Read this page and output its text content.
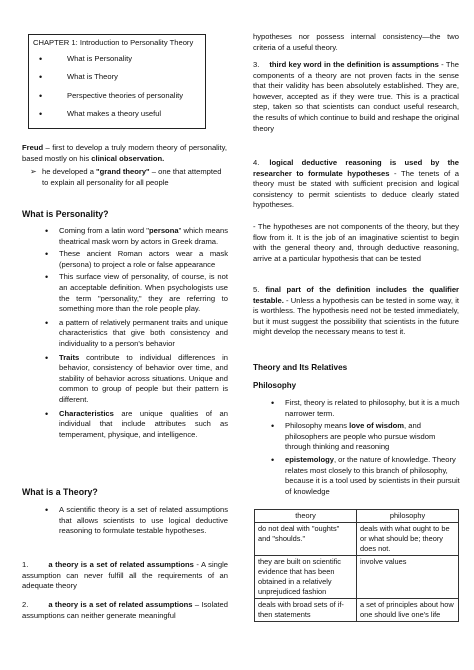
CHAPTER 1: Introduction to Personality Theory
• What is Personality
• What is Theory
• Perspective theories of personality
• What makes a theory useful
Freud – first to develop a truly modern theory of personality, based mostly on his clinical observation.
➢ he developed a "grand theory" – one that attempted to explain all personality for all people
What is Personality?
• Coming from a latin word "persona" which means theatrical mask worn by actors in Greek drama.
• These ancient Roman actors wear a mask (persona) to project a role or false appearance
• This surface view of personality, of course, is not an acceptable definition. When psychologists use the term "personality," they are referring to something more than the role people play.
• a pattern of relatively permanent traits and unique characteristics that give both consistency and individuality to a person's behavior
• Traits contribute to individual differences in behavior, consistency of behavior over time, and stability of behavior across situations. Unique and common to group of people but their pattern is different.
• Characteristics are unique qualities of an individual that include attributes such as temperament, physique, and intelligence.
What is a Theory?
• A scientific theory is a set of related assumptions that allows scientists to use logical deductive reasoning to formulate testable hypotheses.
1.	a theory is a set of related assumptions - A single assumption can never fulfill all the requirements of an adequate theory
2.	a theory is a set of related assumptions – Isolated assumptions can neither generate meaningful
hypotheses nor possess internal consistency—the two criteria of a useful theory.
3. third key word in the definition is assumptions - The components of a theory are not proven facts in the sense that their validity has been absolutely established. They are, however, accepted as if they were true. This is a practical step, taken so that scientists can conduct useful research, the results of which continue to build and reshape the original theory
4. logical deductive reasoning is used by the researcher to formulate hypotheses - The tenets of a theory must be stated with sufficient precision and logical consistency to permit scientists to deduce clearly stated hypotheses.
- The hypotheses are not components of the theory, but they flow from it. It is the job of an imaginative scientist to begin with the general theory and, through deductive reasoning, arrive at a particular hypothesis that can be tested
5. final part of the definition includes the qualifier testable. - Unless a hypothesis can be tested in some way, it is worthless. The hypothesis need not be tested immediately, but it must suggest the possibility that scientists in the future might develop the necessary means to test it.
Theory and Its Relatives
Philosophy
• First, theory is related to philosophy, but it is a much narrower term.
• Philosophy means love of wisdom, and philosophers are people who pursue wisdom through thinking and reasoning
• epistemology, or the nature of knowledge. Theory relates most closely to this branch of philosophy, because it is a tool used by scientists in their pursuit of knowledge
theory	philosophy
do not deal with "oughts" and "shoulds."	deals with what ought to be or what should be; theory does not.
they are built on scientific evidence that has been obtained in a relatively unprejudiced fashion	involve values
deals with broad sets of if-then statements	a set of principles about how one should live one's life
